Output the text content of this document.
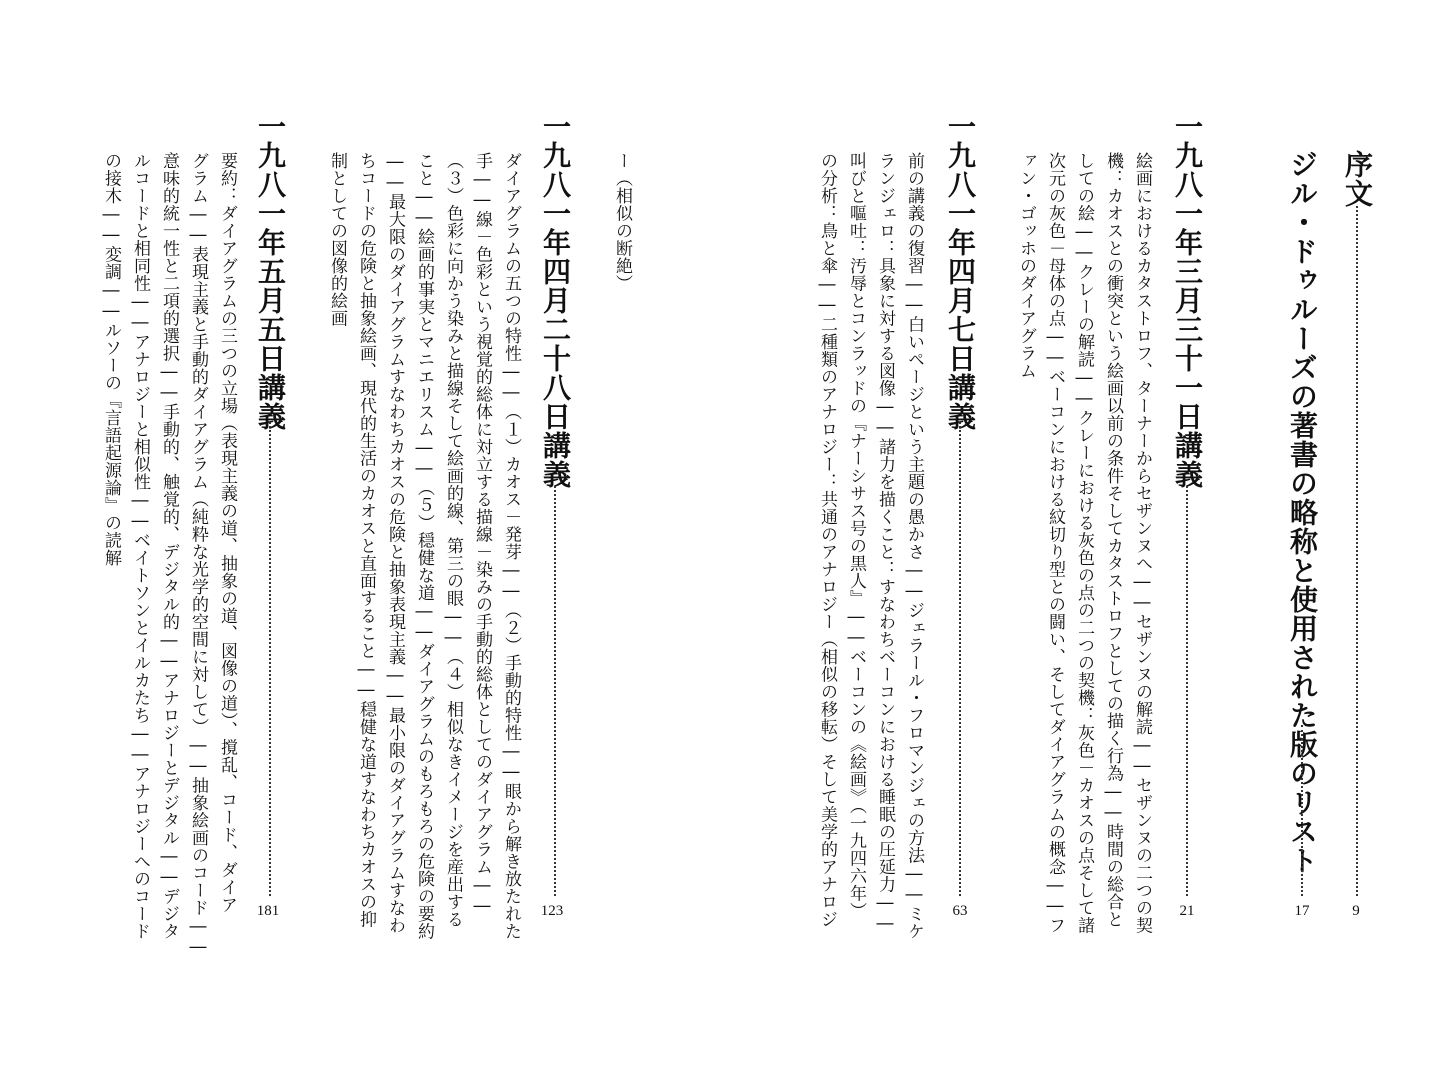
序文
9
ジル・ドゥルーズの著書の略称と使用された版のリスト
17
一九八一年三月三十一日講義
21
絵画におけるカタストロフ、ターナーからセザンヌへ――セザンヌの解読――セザンヌの二つの契
機：カオスとの衝突という絵画以前の条件そしてカタストロフとしての描く行為――時間の総合と
しての絵――クレーの解読――クレーにおける灰色の点の二つの契機：灰色－カオスの点そして諸
次元の灰色－母体の点――ベーコンにおける紋切り型との闘い、そしてダイアグラムの概念――フ
ァン・ゴッホのダイアグラム
一九八一年四月七日講義
63
前の講義の復習――白いページという主題の愚かさ――ジェラール・フロマンジェの方法――ミケ
ランジェロ：具象に対する図像――諸力を描くこと：すなわちベーコンにおける睡眠の圧延力――
叫びと嘔吐：汚辱とコンラッドの『ナーシサス号の黒人』――ベーコンの《絵画》（一九四六年）
の分析：鳥と傘――二種類のアナロジー：共通のアナロジー（相似の移転）そして美学的アナロジ
ー（相似の断絶）
一九八一年四月二十八日講義
123
ダイアグラムの五つの特性――（１）カオス－発芽――（２）手動的特性――眼から解き放たれた
手――線－色彩という視覚的総体に対立する描線－染みの手動的総体としてのダイアグラム――
（３）色彩に向かう染みと描線そして絵画的線、第三の眼――（４）相似なきイメージを産出する
こと――絵画的事実とマニエリスム――（５）穏健な道――ダイアグラムのもろもろの危険の要約
――最大限のダイアグラムすなわちカオスの危険と抽象表現主義――最小限のダイアグラムすなわ
ちコードの危険と抽象絵画、現代的生活のカオスと直面すること――穏健な道すなわちカオスの抑
制としての図像的絵画
一九八一年五月五日講義
181
要約：ダイアグラムの三つの立場（表現主義の道、抽象の道、図像の道）、撹乱、コード、ダイア
グラム――表現主義と手動的ダイアグラム（純粋な光学的空間に対して）――抽象絵画のコード――
意味的統一性と二項的選択――手動的、触覚的、デジタル的――アナロジーとデジタル――デジタ
ルコードと相同性――アナロジーと相似性――ベイトソンとイルカたち――アナロジーへのコード
の接木――変調――ルソーの『言語起源論』の読解
